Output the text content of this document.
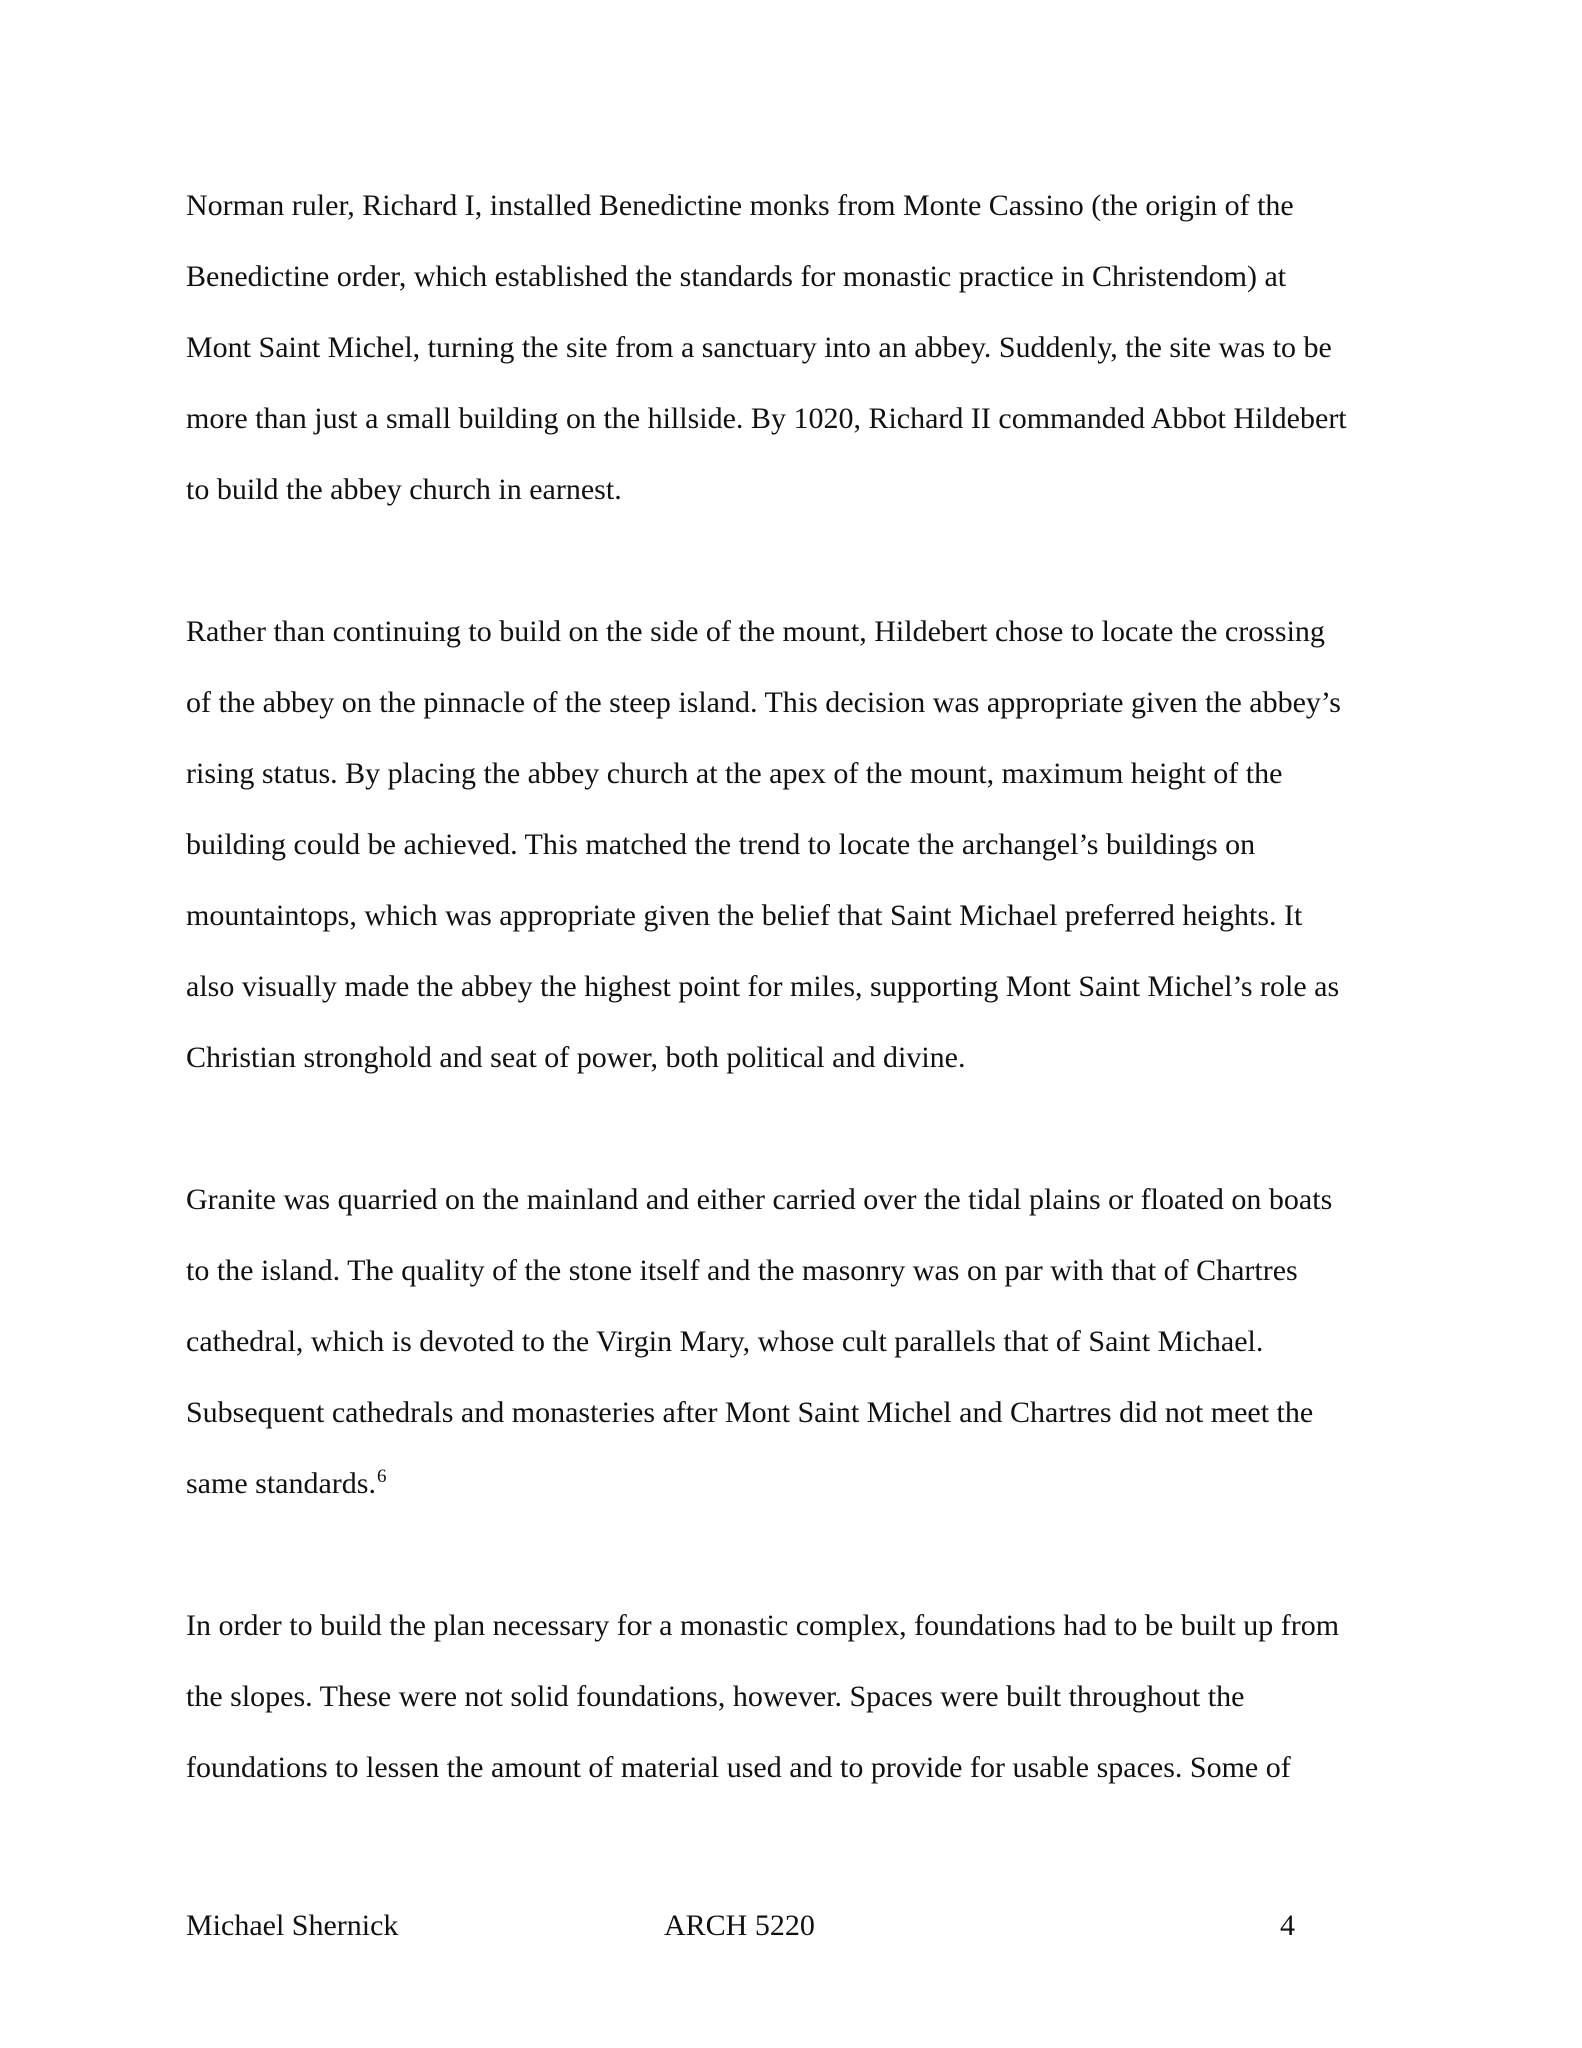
Norman ruler, Richard I, installed Benedictine monks from Monte Cassino (the origin of the

Benedictine order, which established the standards for monastic practice in Christendom) at

Mont Saint Michel, turning the site from a sanctuary into an abbey. Suddenly, the site was to be

more than just a small building on the hillside. By 1020, Richard II commanded Abbot Hildebert

to build the abbey church in earnest.

Rather than continuing to build on the side of the mount, Hildebert chose to locate the crossing

of the abbey on the pinnacle of the steep island. This decision was appropriate given the abbey’s

rising status. By placing the abbey church at the apex of the mount, maximum height of the

building could be achieved. This matched the trend to locate the archangel’s buildings on

mountaintops, which was appropriate given the belief that Saint Michael preferred heights. It

also visually made the abbey the highest point for miles, supporting Mont Saint Michel’s role as

Christian stronghold and seat of power, both political and divine.

Granite was quarried on the mainland and either carried over the tidal plains or floated on boats

to the island. The quality of the stone itself and the masonry was on par with that of Chartres

cathedral, which is devoted to the Virgin Mary, whose cult parallels that of Saint Michael.

Subsequent cathedrals and monasteries after Mont Saint Michel and Chartres did not meet the

same standards.$^6$

In order to build the plan necessary for a monastic complex, foundations had to be built up from

the slopes. These were not solid foundations, however. Spaces were built throughout the

foundations to lessen the amount of material used and to provide for usable spaces. Some of

Michael Shernick	ARCH 5220	4
